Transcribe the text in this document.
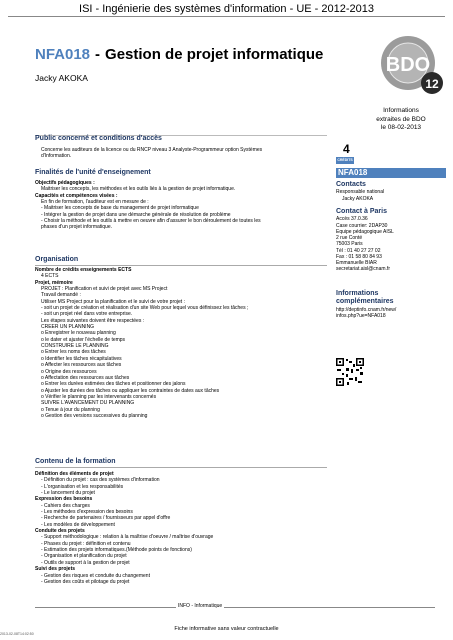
ISI - Ingénierie des systèmes d'information - UE - 2012-2013
NFA018 - Gestion de projet informatique
Jacky AKOKA
BDO
12
Informations
extraites de BDO
le 08-02-2013
Public concerné et conditions d'accès
Concerne les auditeurs de la licence ou du RNCP niveau 3 Analyste-Programmeur option Systèmes
d'Information.
Finalités de l'unité d'enseignement
Objectifs pédagogiques :
Maitriser les concepts, les méthodes et les outils liés à la gestion de projet informatique.
Capacités et compétences visées :
En fin de formation, l'auditeur est en mesure de :
- Maitriser les concepts de base du management de projet informatique
- Intégrer la gestion de projet dans une démarche générale de résolution de problème
- Choisir la méthode et les outils à mettre en oeuvre afin d'assurer le bon déroulement de toutes les
phases d'un projet informatique.
Organisation
Nombre de crédits enseignements ECTS
4 ECTS
Projet, mémoire
PROJET : Planification et suivi de projet avec MS Project
Travail demandé :
Utiliser MS Project pour la planification et le suivi de votre projet :
- soit un projet de création et réalisation d'un site Web pour lequel vous définissez les tâches ;
- soit un projet réel dans votre entreprise.
Les étapes suivantes doivent être respectées :
CREER UN PLANNING
o Enregistrer le nouveau planning
o le dater et ajuster l'échelle de temps
CONSTRUIRE LE PLANNING
o Entrer les noms des tâches
o Identifier les tâches récapitulatives
o Affecter les ressources aux tâches
o Origine des ressources
o Affectation des ressources aux tâches
o Entrer les durées estimées des tâches et positionner des jalons
o Ajuster les durées des tâches ou appliquer les contraintes de dates aux tâches
o Vérifier le planning par les intervenants concernés
SUIVRE L'AVANCEMENT DU PLANNING
o Tenue à jour du planning
o Gestion des versions successives du planning
Contenu de la formation
Définition des éléments de projet
- Définition du projet : cas des systèmes d'information
- L'organisation et les responsabilités
- Le lancement du projet
Expression des besoins
- Cahiers des charges
- Les méthodes d'expression des besoins
- Recherche de partenaires / fournisseurs par appel d'offre
- Les modèles de développement
Conduite des projets
- Support méthodologique : relation à la maîtrise d'oeuvre / maîtrise d'ouvrage
- Phases du projet : définition et contenu
- Estimation des projets informatiques.(Méthode points de fonctions)
- Organisation et planification du projet
- Outils de support à la gestion de projet
Suivi des projets
- Gestion des risques et conduite du changement
- Gestion des coûts et pilotage du projet
4
CRÉDITS
NFA018
Contacts
Responsable national
Jacky AKOKA
Contact à Paris
Accès 37.0.36
Case courrier: 2DAP30
Equipe pédagogique AISL
2 rue Conté
75003 Paris
Tél : 01 40 27 27 02
Fax : 01 58 80 84 93
Emmanuelle BIAR
secretariat.aisl@cnam.fr
Informations
complémentaires
http://deptinfo.cnam.fr/new/
infos.php?ue=NFA018
INFO - Informatique
Fiche informative sans valeur contractuelle
2013-02-08T14:02:50
